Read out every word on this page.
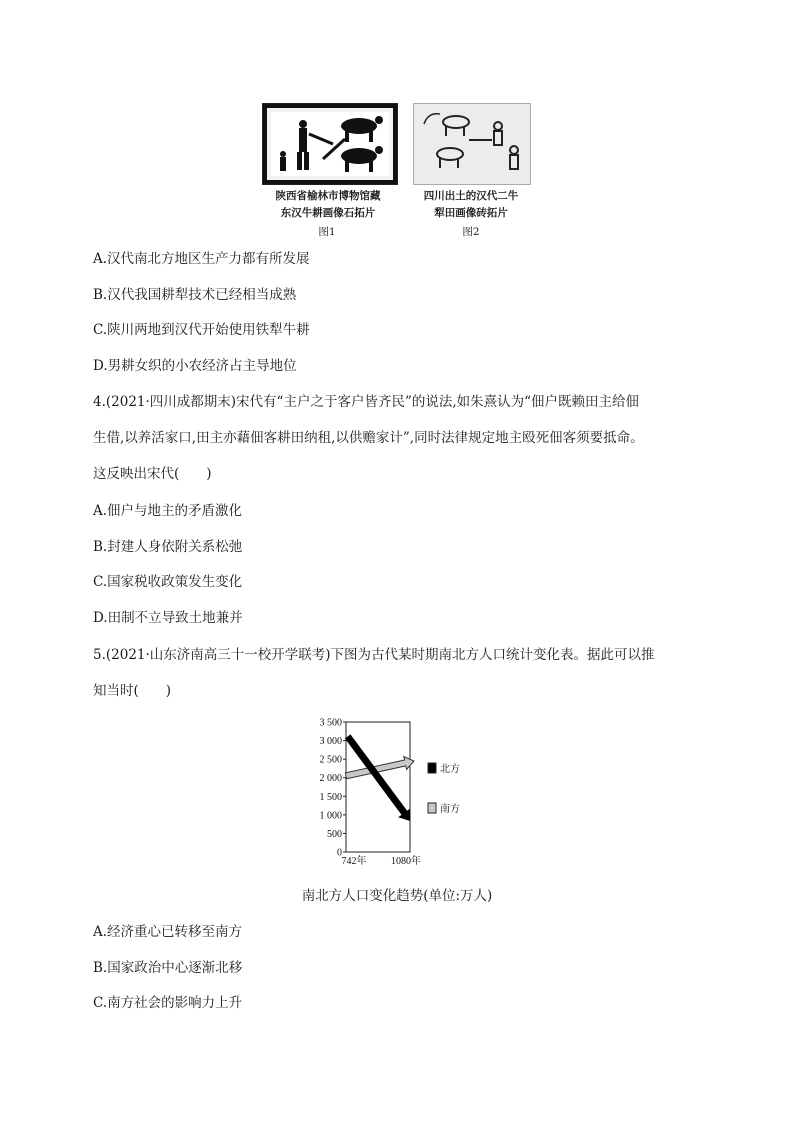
陕西省榆林市博物馆藏
东汉牛耕画像石拓片
四川出土的汉代二牛
犁田画像砖拓片
图1	图2
A.汉代南北方地区生产力都有所发展
B.汉代我国耕犁技术已经相当成熟
C.陕川两地到汉代开始使用铁犁牛耕
D.男耕女织的小农经济占主导地位
4.(2021·四川成都期末)宋代有“主户之于客户皆齐民”的说法,如朱熹认为“佃户既赖田主给佃
生借,以养活家口,田主亦藉佃客耕田纳租,以供赡家计”,同时法律规定地主殴死佃客须要抵命。
这反映出宋代(　　)
A.佃户与地主的矛盾激化
B.封建人身依附关系松弛
C.国家税收政策发生变化
D.田制不立导致土地兼并
5.(2021·山东济南高三十一校开学联考)下图为古代某时期南北方人口统计变化表。据此可以推
知当时(　　)
3 500
3 000
2 500
2 000
1 500
1 000
500
0
742年 1080年
北方
南方
南北方人口变化趋势(单位:万人)
A.经济重心已转移至南方
B.国家政治中心逐渐北移
C.南方社会的影响力上升
